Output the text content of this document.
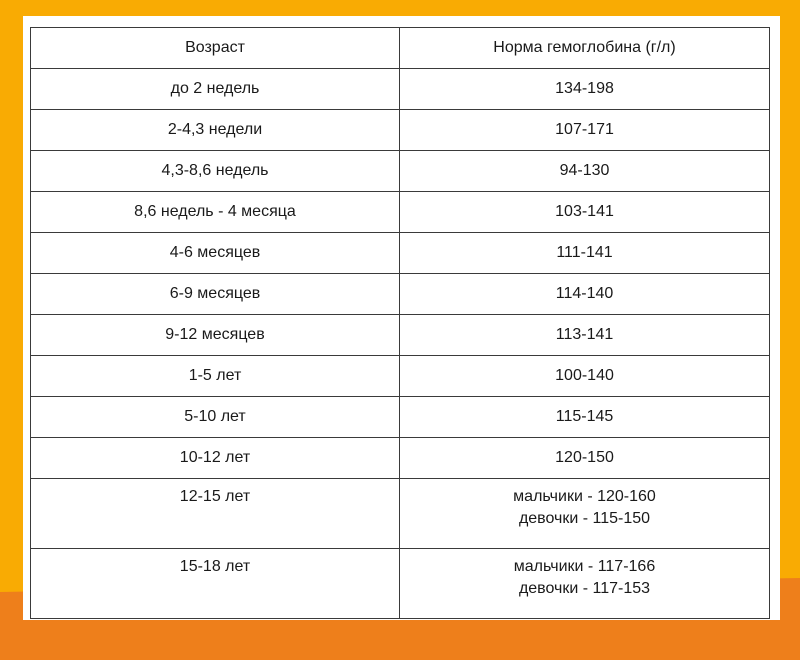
Возраст	Норма гемоглобина (г/л)
до 2 недель	134-198

2-4,3 недели	107-171

4,3-8,6 недель	94-130

8,6 недель - 4 месяца	103-141

4-6 месяцев	111-141

6-9 месяцев	114-140

9-12 месяцев	113-141

1-5 лет	100-140

5-10 лет	115-145

10-12 лет	120-150

12-15 лет	мальчики - 120-160
девочки - 115-150

15-18 лет	мальчики - 117-166
девочки - 117-153
